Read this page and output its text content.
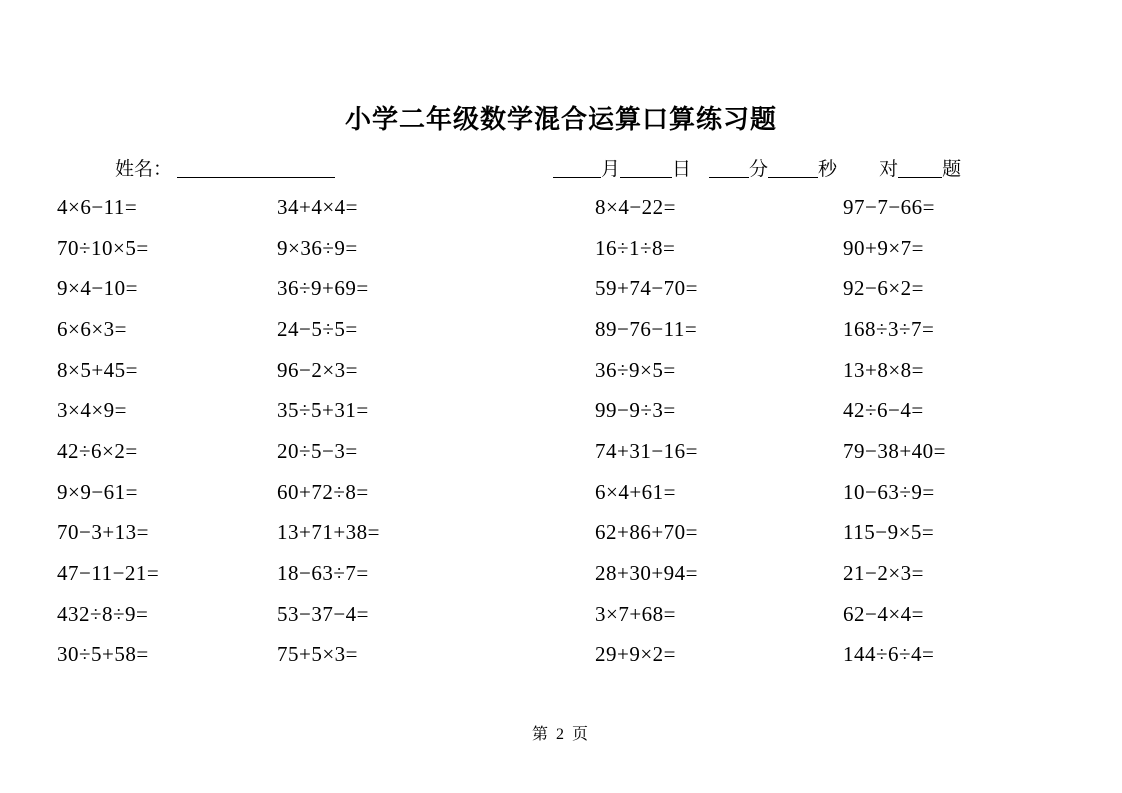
小学二年级数学混合运算口算练习题
姓名：	月	日	分	秒 对 题
4×6−11=	34+4×4=	8×4−22=	97−7−66=
70÷10×5=	9×36÷9=	16÷1÷8=	90+9×7=
9×4−10=	36÷9+69=	59+74−70=	92−6×2=
6×6×3=	24−5÷5=	89−76−11=	168÷3÷7=
8×5+45=	96−2×3=	36÷9×5=	13+8×8=
3×4×9=	35÷5+31=	99−9÷3=	42÷6−4=
42÷6×2=	20÷5−3=	74+31−16=	79−38+40=
9×9−61=	60+72÷8=	6×4+61=	10−63÷9=
70−3+13=	13+71+38=	62+86+70=	115−9×5=
47−11−21=	18−63÷7=	28+30+94=	21−2×3=
432÷8÷9=	53−37−4=	3×7+68=	62−4×4=
30÷5+58=	75+5×3=	29+9×2=	144÷6÷4=
第 2 页
